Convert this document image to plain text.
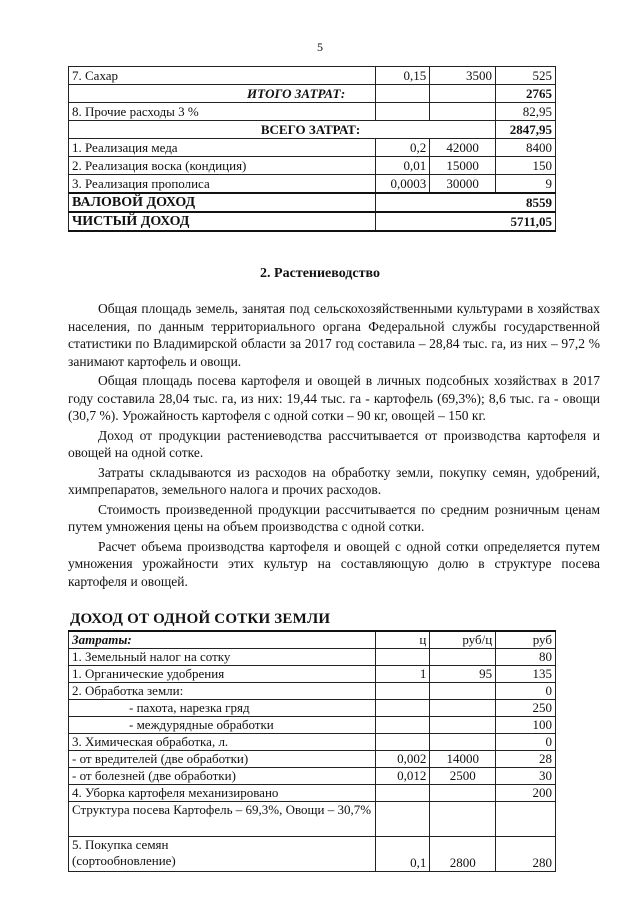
5
7. Сахар	0,15	3500	525
ИТОГО ЗАТРАТ:			2765
8. Прочие расходы 3 %			82,95
ВСЕГО ЗАТРАТ:			2847,95
1. Реализация меда	0,2	42000	8400
2. Реализация воска (кондиция)	0,01	15000	150
3. Реализация прополиса	0,0003	30000	9
ВАЛОВОЙ ДОХОД	8559		
ЧИСТЫЙ ДОХОД	5711,05		
2. Растениеводство

Общая площадь земель, занятая под сельскохозяйственными культурами в хозяйствах населения, по данным территориального органа Федеральной службы государственной статистики по Владимирской области за 2017 год составила – 28,84 тыс. га, из них – 97,2 % занимают картофель и овощи.

Общая площадь посева картофеля и овощей в личных подсобных хозяйствах в 2017 году составила 28,04 тыс. га, из них: 19,44 тыс. га - картофель (69,3%); 8,6 тыс. га - овощи (30,7 %). Урожайность картофеля с одной сотки – 90 кг, овощей – 150 кг.

Доход от продукции растениеводства рассчитывается от производства картофеля и овощей на одной сотке.

Затраты складываются из расходов на обработку земли, покупку семян, удобрений, химпрепаратов, земельного налога и прочих расходов.

Стоимость произведенной продукции рассчитывается по средним розничным ценам путем умножения цены на объем производства с одной сотки.

Расчет объема производства картофеля и овощей с одной сотки определяется путем умножения урожайности этих культур на составляющую долю в структуре посева картофеля и овощей.

ДОХОД ОТ ОДНОЙ СОТКИ ЗЕМЛИ
Затраты:	ц	руб/ц	руб
1. Земельный налог на сотку			80
1. Органические удобрения	1	95	135
2. Обработка земли:			0
- пахота, нарезка гряд			250
- междурядные обработки			100
3. Химическая обработка, л.			0
- от вредителей (две обработки)	0,002	14000	28
- от болезней (две обработки)	0,012	2500	30
4. Уборка картофеля механизировано			200
Структура посева Картофель – 69,3%, Овощи – 30,7%			
5. Покупка семян (сортообновление)	0,1	2800	280
